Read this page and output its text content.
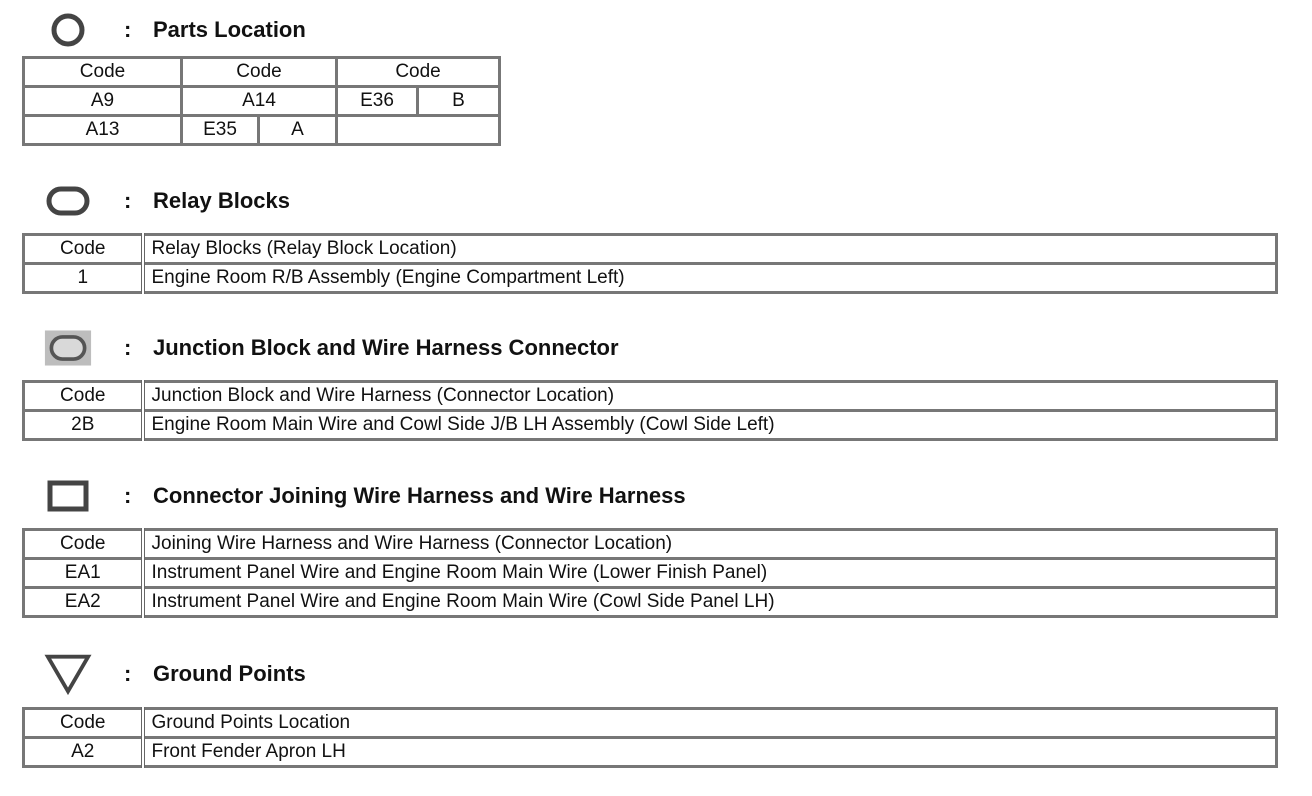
: Parts Location
Code	Code		Code	
A9	A14		E36	B
A13	E35	A		
: Relay Blocks
Code	Relay Blocks (Relay Block Location)
1	Engine Room R/B Assembly (Engine Compartment Left)
: Junction Block and Wire Harness Connector
Code	Junction Block and Wire Harness (Connector Location)
2B	Engine Room Main Wire and Cowl Side J/B LH Assembly (Cowl Side Left)
: Connector Joining Wire Harness and Wire Harness
Code	Joining Wire Harness and Wire Harness (Connector Location)
EA1	Instrument Panel Wire and Engine Room Main Wire (Lower Finish Panel)
EA2	Instrument Panel Wire and Engine Room Main Wire (Cowl Side Panel LH)
: Ground Points
Code	Ground Points Location
A2	Front Fender Apron LH
